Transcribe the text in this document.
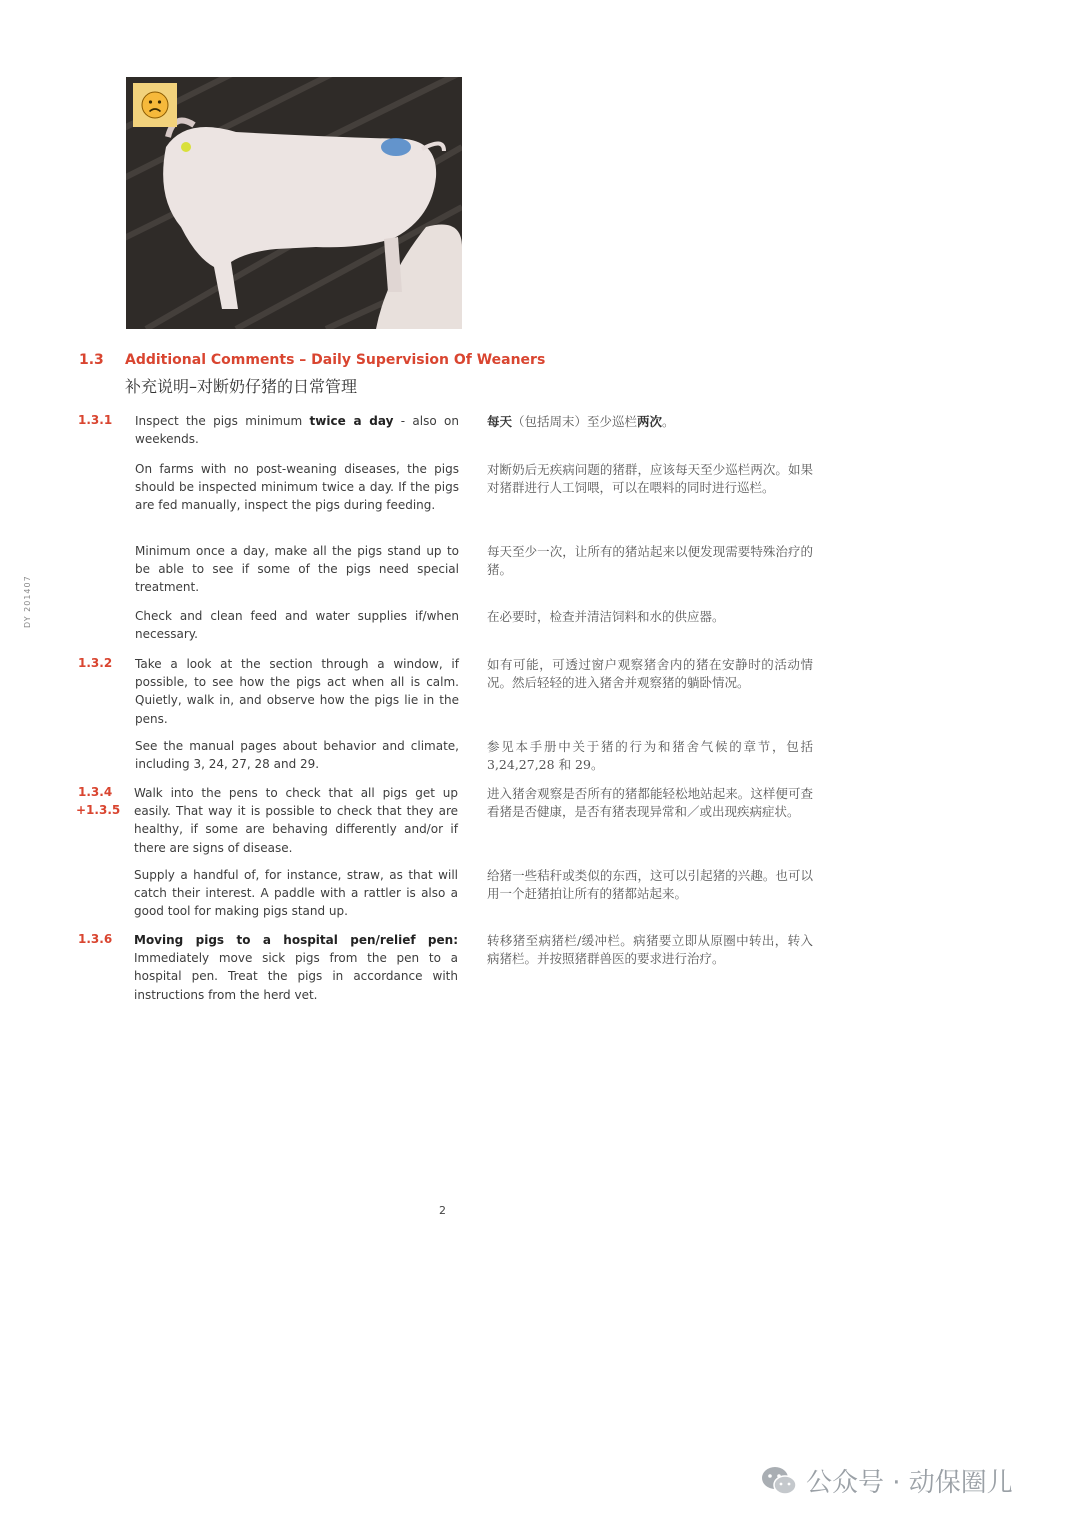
DY 201407
1.3 Additional Comments – Daily Supervision Of Weaners
补充说明–对断奶仔猪的日常管理
1.3.1 Inspect the pigs minimum twice a day - also on weekends.
每天（包括周末）至少巡栏两次。
On farms with no post-weaning diseases, the pigs should be inspected minimum twice a day. If the pigs are fed manually, inspect the pigs during feeding.
对断奶后无疾病问题的猪群，应该每天至少巡栏两次。如果对猪群进行人工饲喂，可以在喂料的同时进行巡栏。
Minimum once a day, make all the pigs stand up to be able to see if some of the pigs need special treatment.
每天至少一次，让所有的猪站起来以便发现需要特殊治疗的猪。
Check and clean feed and water supplies if/when necessary.
在必要时，检查并清洁饲料和水的供应器。
1.3.2 Take a look at the section through a window, if possible, to see how the pigs act when all is calm. Quietly, walk in, and observe how the pigs lie in the pens.
如有可能，可透过窗户观察猪舍内的猪在安静时的活动情况。然后轻轻的进入猪舍并观察猪的躺卧情况。
See the manual pages about behavior and climate, including 3, 24, 27, 28 and 29.
参见本手册中关于猪的行为和猪舍气候的章节，包括 3,24,27,28 和 29。
1.3.4
+1.3.5
Walk into the pens to check that all pigs get up easily. That way it is possible to check that they are healthy, if some are behaving differently and/or if there are signs of disease.
进入猪舍观察是否所有的猪都能轻松地站起来。这样便可查看猪是否健康，是否有猪表现异常和／或出现疾病症状。
Supply a handful of, for instance, straw, as that will catch their interest. A paddle with a rattler is also a good tool for making pigs stand up.
给猪一些秸秆或类似的东西，这可以引起猪的兴趣。也可以用一个赶猪拍让所有的猪都站起来。
1.3.6 Moving pigs to a hospital pen/relief pen: Immediately move sick pigs from the pen to a hospital pen. Treat the pigs in accordance with instructions from the herd vet.
转移猪至病猪栏/缓冲栏。病猪要立即从原圈中转出，转入病猪栏。并按照猪群兽医的要求进行治疗。
2
公众号 · 动保圈儿
